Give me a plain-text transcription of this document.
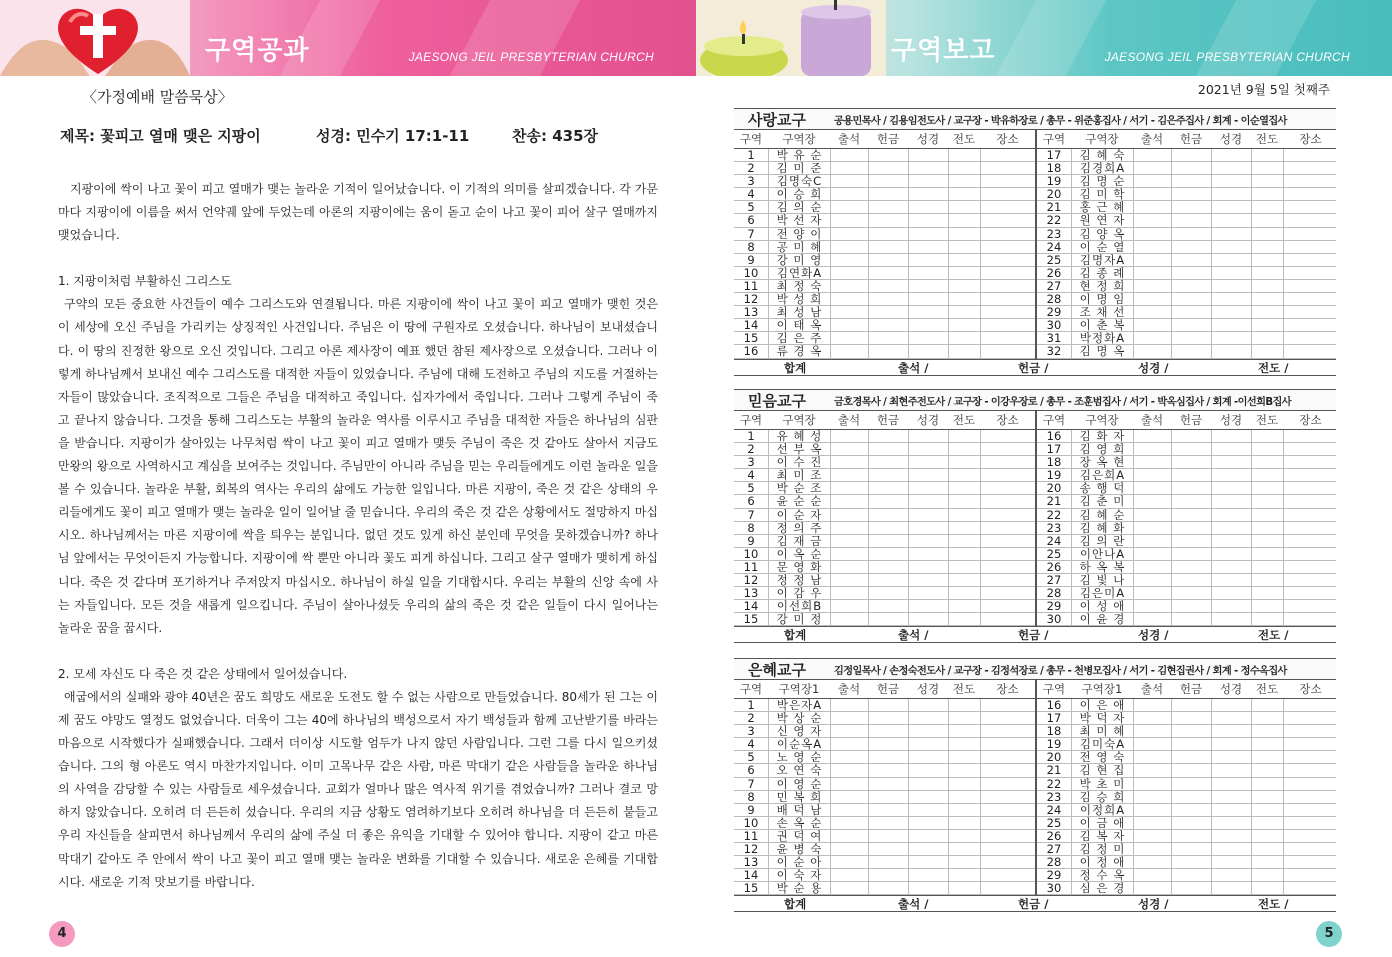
구역공과	JAESONG JEIL PRESBYTERIAN CHURCH	구역보고	JAESONG JEIL PRESBYTERIAN CHURCH
〈가정예배 말씀묵상〉
제목: 꽃피고 열매 맺은 지팡이	성경: 민수기 17:1-11	찬송: 435장

지팡이에 싹이 나고 꽃이 피고 열매가 맺는 놀라운 기적이 일어났습니다. 이 기적의 의미를 살피겠습니다. 각 가문마다 지팡이에 이름을 써서 언약궤 앞에 두었는데 아론의 지팡이에는 움이 돋고 순이 나고 꽃이 피어 살구 열매까지 맺었습니다.

1. 지팡이처럼 부활하신 그리스도

구약의 모든 중요한 사건들이 예수 그리스도와 연결됩니다. 마른 지팡이에 싹이 나고 꽃이 피고 열매가 맺힌 것은 이 세상에 오신 주님을 가리키는 상징적인 사건입니다. 주님은 이 땅에 구원자로 오셨습니다. 하나님이 보내셨습니다. 이 땅의 진정한 왕으로 오신 것입니다. 그리고 아론 제사장이 예표 했던 참된 제사장으로 오셨습니다. 그러나 이렇게 하나님께서 보내신 예수 그리스도를 대적한 자들이 있었습니다. 주님에 대해 도전하고 주님의 지도를 거절하는 자들이 많았습니다. 조직적으로 그들은 주님을 대적하고 죽입니다. 십자가에서 죽입니다. 그러나 그렇게 주님이 죽고 끝나지 않습니다. 그것을 통해 그리스도는 부활의 놀라운 역사를 이루시고 주님을 대적한 자들은 하나님의 심판을 받습니다. 지팡이가 살아있는 나무처럼 싹이 나고 꽃이 피고 열매가 맺듯 주님이 죽은 것 같아도 살아서 지금도 만왕의 왕으로 사역하시고 계심을 보여주는 것입니다. 주님만이 아니라 주님을 믿는 우리들에게도 이런 놀라운 일을 볼 수 있습니다. 놀라운 부활, 회복의 역사는 우리의 삶에도 가능한 일입니다. 마른 지팡이, 죽은 것 같은 상태의 우리들에게도 꽃이 피고 열매가 맺는 놀라운 일이 일어날 줄 믿습니다. 우리의 죽은 것 같은 상황에서도 절망하지 마십시오. 하나님께서는 마른 지팡이에 싹을 틔우는 분입니다. 없던 것도 있게 하신 분인데 무엇을 못하겠습니까? 하나님 앞에서는 무엇이든지 가능합니다. 지팡이에 싹 뿐만 아니라 꽃도 피게 하십니다. 그리고 살구 열매가 맺히게 하십니다. 죽은 것 같다며 포기하거나 주저앉지 마십시오. 하나님이 하실 일을 기대합시다. 우리는 부활의 신앙 속에 사는 자들입니다. 모든 것을 새롭게 일으킵니다. 주님이 살아나셨듯 우리의 삶의 죽은 것 같은 일들이 다시 일어나는 놀라운 꿈을 꿉시다.

2. 모세 자신도 다 죽은 것 같은 상태에서 일어섰습니다.

애굽에서의 실패와 광야 40년은 꿈도 희망도 새로운 도전도 할 수 없는 사람으로 만들었습니다. 80세가 된 그는 이제 꿈도 야망도 열정도 없었습니다. 더욱이 그는 40에 하나님의 백성으로서 자기 백성들과 함께 고난받기를 바라는 마음으로 시작했다가 실패했습니다. 그래서 더이상 시도할 엄두가 나지 않던 사람입니다. 그런 그를 다시 일으키셨습니다. 그의 형 아론도 역시 마찬가지입니다. 이미 고목나무 같은 사람, 마른 막대기 같은 사람들을 놀라운 하나님의 사역을 감당할 수 있는 사람들로 세우셨습니다. 교회가 얼마나 많은 역사적 위기를 겪었습니까? 그러나 결코 망하지 않았습니다. 오히려 더 든든히 섰습니다. 우리의 지금 상황도 염려하기보다 오히려 하나님을 더 든든히 붙들고 우리 자신들을 살피면서 하나님께서 우리의 삶에 주실 더 좋은 유익을 기대할 수 있어야 합니다. 지팡이 같고 마른 막대기 같아도 주 안에서 싹이 나고 꽃이 피고 열매 맺는 놀라운 변화를 기대할 수 있습니다. 새로운 은혜를 기대합시다. 새로운 기적 맛보기를 바랍니다.

4
2021년 9월 5일 첫째주
사랑교구	공용민목사 / 김용임전도사 / 교구장 - 박유하장로 / 총무 - 위준홍집사 / 서기 - 김은주집사 / 회계 - 이순열집사
구역	구역장	출석	헌금	성경	전도	장소
1	박 유 순
2	김 미 준
3	김명숙C
4	이 승 희
5	김 의 순
6	박 선 자
7	전 양 이
8	공 미 혜
9	강 미 영
10	김연화A
11	최 정 숙
12	박 성 희
13	최 성 남
14	이 태 옥
15	김 은 주
16	류 경 옥
구역	구역장	출석	헌금	성경	전도	장소
17	김 혜 숙
18	김경희A
19	김 명 순
20	김 미 학
21	홍 근 혜
22	원 연 자
23	김 양 옥
24	이 순 열
25	김명자A
26	김 종 례
27	현 정 희
28	이 명 임
29	조 채 선
30	이 춘 복
31	박정화A
32	김 명 옥
합계	출석 /	헌금 /	성경 /	전도 /
믿음교구	금호경목사 / 최현주전도사 / 교구장 - 이강우장로 / 총무 - 조훈범집사 / 서기 - 박옥심집사 / 회계 -이선희B집사
구역	구역장	출석	헌금	성경	전도	장소
1	유 혜 성
2	선 부 옥
3	이 수 진
4	최 미 조
5	박 순 조
6	윤 순 순
7	이 순 자
8	정 의 주
9	김 재 금
10	이 옥 순
11	문 영 화
12	정 정 남
13	이 감 우
14	이선희B
15	강 미 정
구역	구역장	출석	헌금	성경	전도	장소
16	김 화 자
17	김 영 희
18	장 옥 현
19	김은희A
20	송 행 덕
21	김 춘 미
22	김 혜 순
23	김 혜 화
24	김 의 란
25	이안나A
26	하 옥 복
27	김 빛 나
28	김은미A
29	이 성 애
30	이 윤 경
합계	출석 /	헌금 /	성경 /	전도 /
은혜교구	김정일목사 / 손정숙전도사 / 교구장 - 김정석장로 / 총무 - 천병모집사 / 서기 - 김현집권사 / 회계 - 정수옥집사
구역	구역장1	출석	헌금	성경	전도	장소
1	박은자A
2	박 상 순
3	신 영 자
4	이순옥A
5	노 영 순
6	오 연 숙
7	이 영 순
8	민 복 희
9	배 덕 남
10	손 옥 순
11	권 덕 여
12	윤 병 숙
13	이 순 아
14	이 숙 자
15	박 순 용
구역	구역장1	출석	헌금	성경	전도	장소
16	이 은 애
17	박 덕 자
18	최 미 혜
19	김미숙A
20	전 영 숙
21	김 현 집
22	박 초 미
23	김 승 희
24	이정희A
25	이 금 애
26	김 복 자
27	김 정 미
28	이 정 애
29	정 수 옥
30	심 은 경
합계	출석 /	헌금 /	성경 /	전도 /
5
